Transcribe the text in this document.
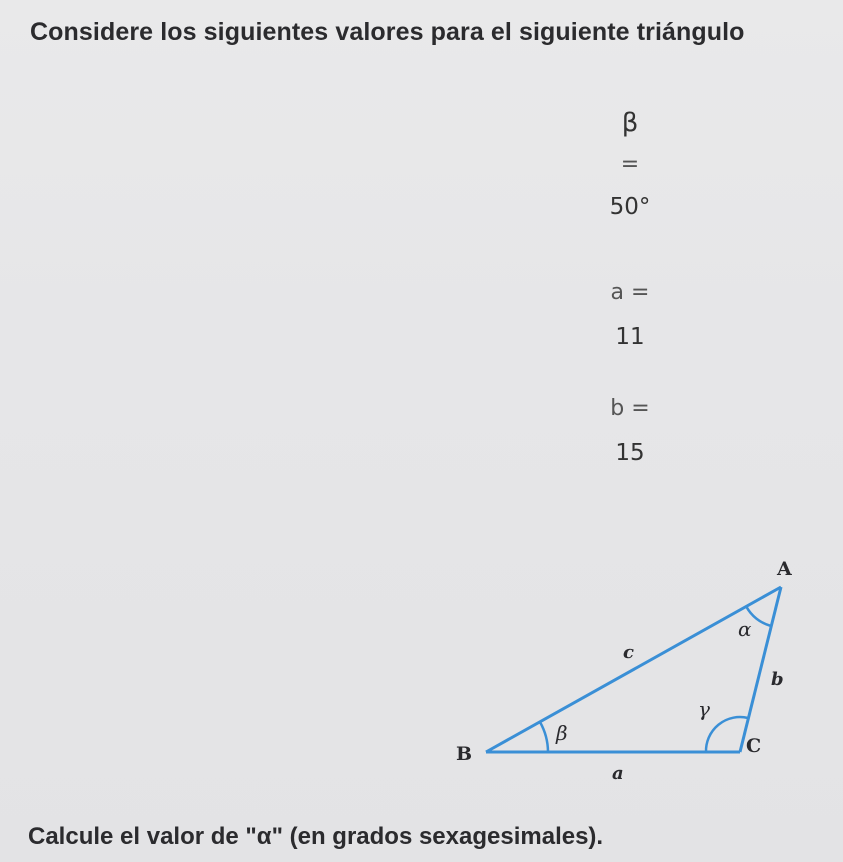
Considere los siguientes valores para el siguiente triángulo
β
=
50°
a =
11
b =
15
A
B	C
c
a
b
α
β
γ
Calcule el valor de "α" (en grados sexagesimales).
